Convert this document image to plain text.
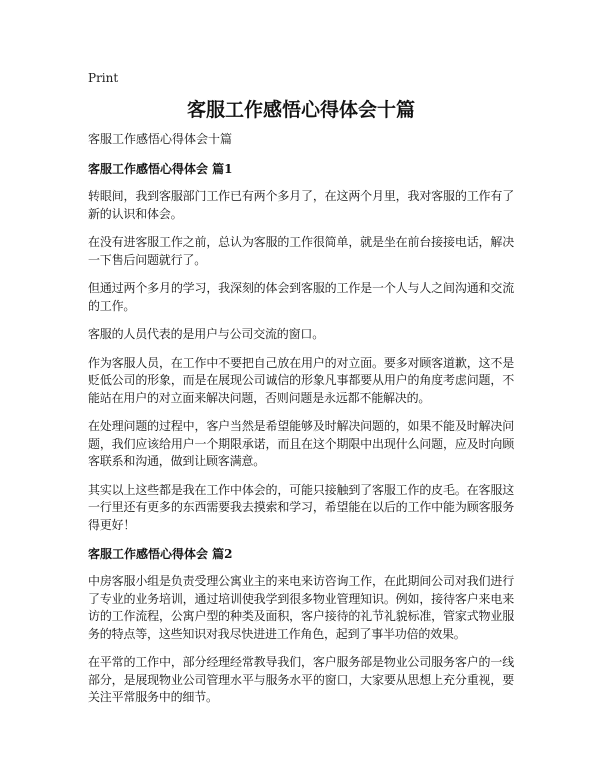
Print
客服工作感悟心得体会十篇

客服工作感悟心得体会十篇

客服工作感悟心得体会 篇1

转眼间，我到客服部门工作已有两个多月了，在这两个月里，我对客服的工作有了新的认识和体会。

在没有进客服工作之前，总认为客服的工作很简单，就是坐在前台接接电话，解决一下售后问题就行了。

但通过两个多月的学习，我深刻的体会到客服的工作是一个人与人之间沟通和交流的工作。

客服的人员代表的是用户与公司交流的窗口。

作为客服人员，在工作中不要把自己放在用户的对立面。要多对顾客道歉，这不是贬低公司的形象，而是在展现公司诚信的形象凡事都要从用户的角度考虑问题，不能站在用户的对立面来解决问题，否则问题是永远都不能解决的。

在处理问题的过程中，客户当然是希望能够及时解决问题的，如果不能及时解决问题，我们应该给用户一个期限承诺，而且在这个期限中出现什么问题，应及时向顾客联系和沟通，做到让顾客满意。

其实以上这些都是我在工作中体会的，可能只接触到了客服工作的皮毛。在客服这一行里还有更多的东西需要我去摸索和学习，希望能在以后的工作中能为顾客服务得更好！

客服工作感悟心得体会 篇2

中房客服小组是负责受理公寓业主的来电来访咨询工作，在此期间公司对我们进行了专业的业务培训，通过培训使我学到很多物业管理知识。例如，接待客户来电来访的工作流程，公寓户型的种类及面积，客户接待的礼节礼貌标准，管家式物业服务的特点等，这些知识对我尽快进进工作角色，起到了事半功倍的效果。

在平常的工作中，部分经理经常教导我们，客户服务部是物业公司服务客户的一线部分，是展现物业公司管理水平与服务水平的窗口，大家要从思想上充分重视，要关注平常服务中的细节。
